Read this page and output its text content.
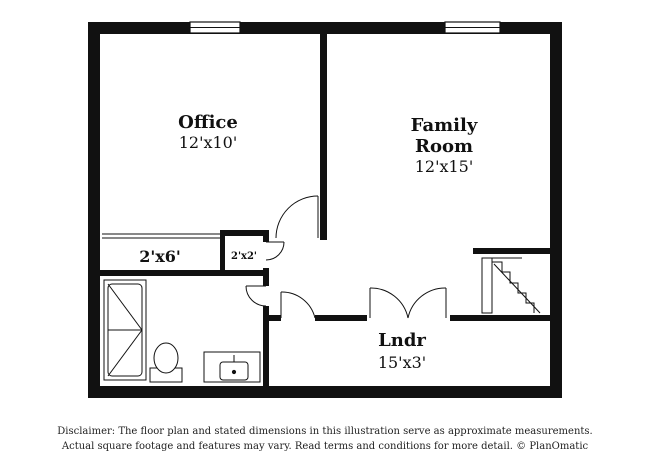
Office
12'x10'
Family
Room
12'x15'
2'x6'	2'x2'
Lndr
15'x3'
Disclaimer: The floor plan and stated dimensions in this illustration serve as approximate measurements.
Actual square footage and features may vary. Read terms and conditions for more detail. © PlanOmatic
